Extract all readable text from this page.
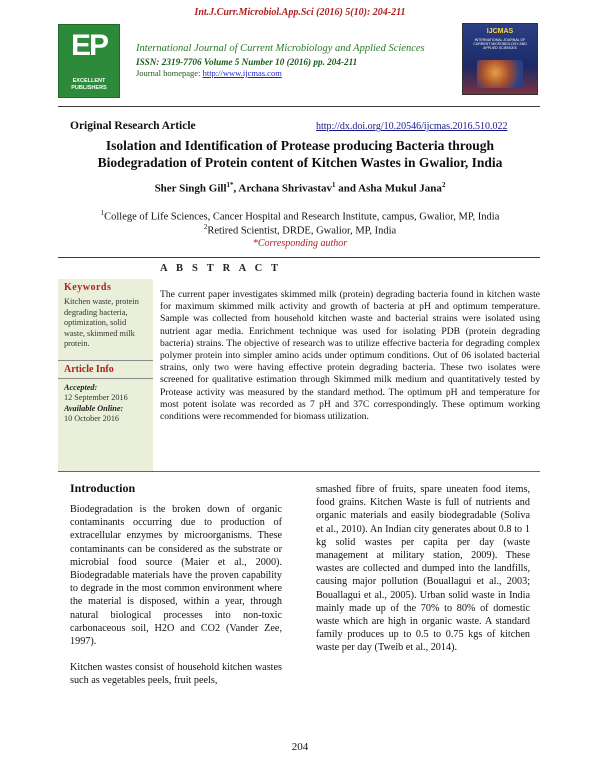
Int.J.Curr.Microbiol.App.Sci (2016) 5(10): 204-211
EP
EXCELLENT PUBLISHERS
International Journal of Current Microbiology and Applied Sciences
ISSN: 2319-7706 Volume 5 Number 10 (2016) pp. 204-211
Journal homepage: http://www.ijcmas.com
IJCMAS
INTERNATIONAL JOURNAL OF CURRENT MICROBIOLOGY AND APPLIED SCIENCES
Original Research Article	http://dx.doi.org/10.20546/ijcmas.2016.510.022
Isolation and Identification of Protease producing Bacteria through
Biodegradation of Protein content of Kitchen Wastes in Gwalior, India
Sher Singh Gill$^{1*}$, Archana Shrivastav$^1$ and Asha Mukul Jana$^2$
$^1$College of Life Sciences, Cancer Hospital and Research Institute, campus, Gwalior, MP, India
$^2$Retired Scientist, DRDE, Gwalior, MP, India
*Corresponding author
A B S T R A C T
Keywords
Kitchen waste, protein degrading bacteria, optimization, solid waste, skimmed milk protein.
Article Info
Accepted:
12 September 2016
Available Online:
10 October 2016
The current paper investigates skimmed milk (protein) degrading bacteria found in kitchen waste for maximum skimmed milk activity and growth of bacteria at pH and optimum temperature. Sample was collected from household kitchen waste and bacterial strains were isolated using nutrient agar media. Enrichment technique was used for isolating PDB (protein degrading bacteria) strains. The objective of research was to utilize effective bacteria for degrading complex polymer protein into simpler amino acids under optimum conditions. Out of 06 isolated bacterial strains, only two were having effective protein degrading bacteria. These two isolates were screened for qualitative estimation through Skimmed milk medium and quantitatively tested by Protease activity was measured by the standard method. The optimum pH and temperature for most potent isolate was recorded as 7 pH and 37C correspondingly. These optimum working conditions were recommended for biomass utilization.
Introduction

Biodegradation is the broken down of organic contaminants occurring due to production of extracellular enzymes by microorganisms. These contaminants can be considered as the substrate or microbial food source (Maier et al., 2000). Biodegradable materials have the proven capability to degrade in the most common environment where the material is disposed, within a year, through natural biological processes into non-toxic carbonaceous soil, H2O and CO2 (Vander Zee, 1997).

Kitchen wastes consist of household kitchen wastes such as vegetables peels, fruit peels,

smashed fibre of fruits, spare uneaten food items, food grains. Kitchen Waste is full of nutrients and organic materials and easily biodegradable (Soliva et al., 2010). An Indian city generates about 0.8 to 1 kg solid wastes per capita per day (waste management at military station, 2009). These wastes are collected and dumped into the landfills, causing major pollution (Bouallagui et al., 2003; Bouallagui et al., 2005). Urban solid waste in India mainly made up of the 70% to 80% of domestic waste which are high in organic waste. A standard family produces up to 0.5 to 0.75 kgs of kitchen waste per day (Tweib et al., 2014).

204
